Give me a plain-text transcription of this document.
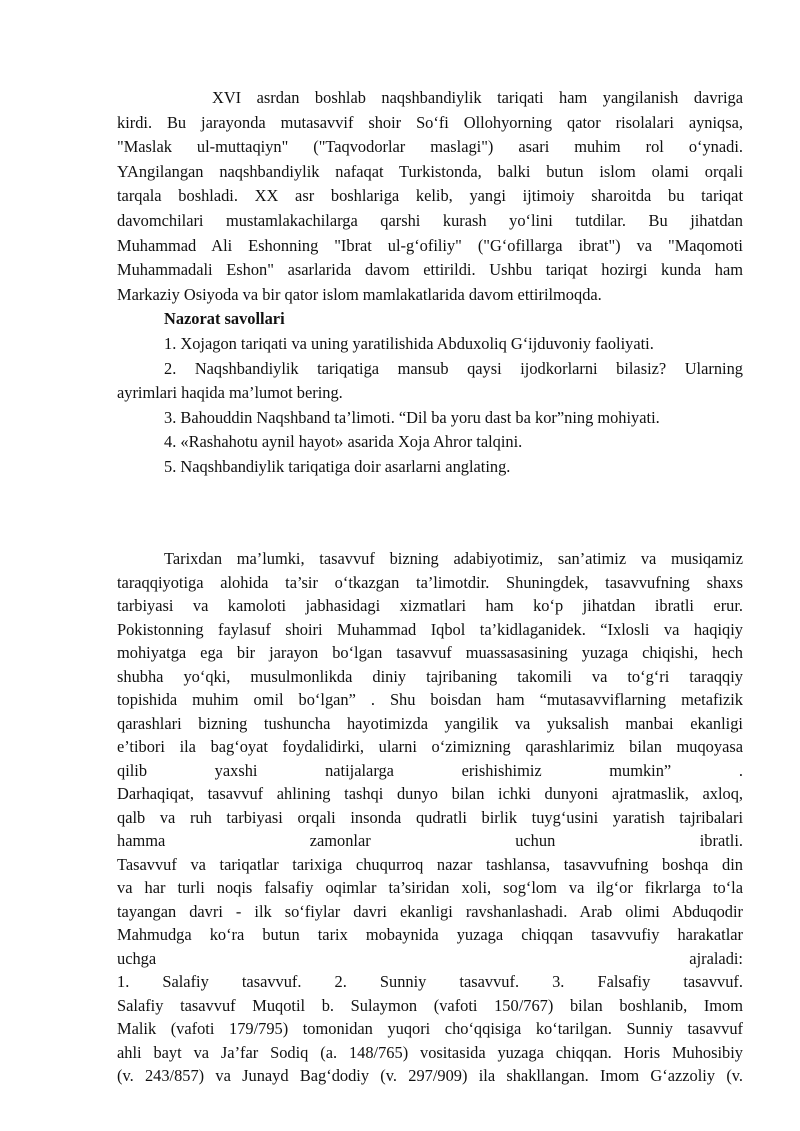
XVI asrdan boshlab naqshbandiylik tariqati ham yangilanish davriga
kirdi. Bu jarayonda mutasavvif shoir So‘fi Ollohyorning qator risolalari ayniqsa,
"Maslak ul-muttaqiyn" ("Taqvodorlar maslagi") asari muhim rol o‘ynadi.
YAngilangan naqshbandiylik nafaqat Turkistonda, balki butun islom olami orqali
tarqala boshladi. XX asr boshlariga kelib, yangi ijtimoiy sharoitda bu tariqat
davomchilari mustamlakachilarga qarshi kurash yo‘lini tutdilar. Bu jihatdan
Muhammad Ali Eshonning "Ibrat ul-g‘ofiliy" ("G‘ofillarga ibrat") va "Maqomoti
Muhammadali Eshon" asarlarida davom ettirildi. Ushbu tariqat hozirgi kunda ham
Markaziy Osiyoda va bir qator islom mamlakatlarida davom ettirilmoqda.
Nazorat savollari
1. Xojagon tariqati va uning yaratilishida Abduxoliq G‘ijduvoniy faoliyati.
2. Naqshbandiylik tariqatiga mansub qaysi ijodkorlarni bilasiz? Ularning
ayrimlari haqida ma’lumot bering.
3. Bahouddin Naqshband ta’limoti. “Dil ba yoru dast ba kor”ning mohiyati.
4. «Rashahotu aynil hayot» asarida Xoja Ahror talqini.
5. Naqshbandiylik tariqatiga doir asarlarni anglating.
Tarixdan ma’lumki, tasavvuf bizning adabiyotimiz, san’atimiz va musiqamiz
taraqqiyotiga alohida ta’sir o‘tkazgan ta’limotdir. Shuningdek, tasavvufning shaxs
tarbiyasi va kamoloti jabhasidagi xizmatlari ham ko‘p jihatdan ibratli erur.
Pokistonning faylasuf shoiri Muhammad Iqbol ta’kidlaganidek. “Ixlosli va haqiqiy
mohiyatga ega bir jarayon bo‘lgan tasavvuf muassasasining yuzaga chiqishi, hech
shubha yo‘qki, musulmonlikda diniy tajribaning takomili va to‘g‘ri taraqqiy
topishida muhim omil bo‘lgan” . Shu boisdan ham “mutasavviflarning metafizik
qarashlari bizning tushuncha hayotimizda yangilik va yuksalish manbai ekanligi
e’tibori ila bag‘oyat foydalidirki, ularni o‘zimizning qarashlarimiz bilan muqoyasa
qilib	yaxshi	natijalarga	erishishimiz	mumkin”	.
Darhaqiqat, tasavvuf ahlining tashqi dunyo bilan ichki dunyoni ajratmaslik, axloq,
qalb va ruh tarbiyasi orqali insonda qudratli birlik tuyg‘usini yaratish tajribalari
hamma	zamonlar	uchun	ibratli.
Tasavvuf va tariqatlar tarixiga chuqurroq nazar tashlansa, tasavvufning boshqa din
va har turli noqis falsafiy oqimlar ta’siridan xoli, sog‘lom va ilg‘or fikrlarga to‘la
tayangan davri - ilk so‘fiylar davri ekanligi ravshanlashadi. Arab olimi Abduqodir
Mahmudga ko‘ra butun tarix mobaynida yuzaga chiqqan tasavvufiy harakatlar
uchga	ajraladi:
1. Salafiy tasavvuf. 2. Sunniy tasavvuf. 3. Falsafiy tasavvuf.
Salafiy tasavvuf Muqotil b. Sulaymon (vafoti 150/767) bilan boshlanib, Imom
Malik (vafoti 179/795) tomonidan yuqori cho‘qqisiga ko‘tarilgan. Sunniy tasavvuf
ahli bayt va Ja’far Sodiq (a. 148/765) vositasida yuzaga chiqqan. Horis Muhosibiy
(v. 243/857) va Junayd Bag‘dodiy (v. 297/909) ila shakllangan. Imom G‘azzoliy (v.
